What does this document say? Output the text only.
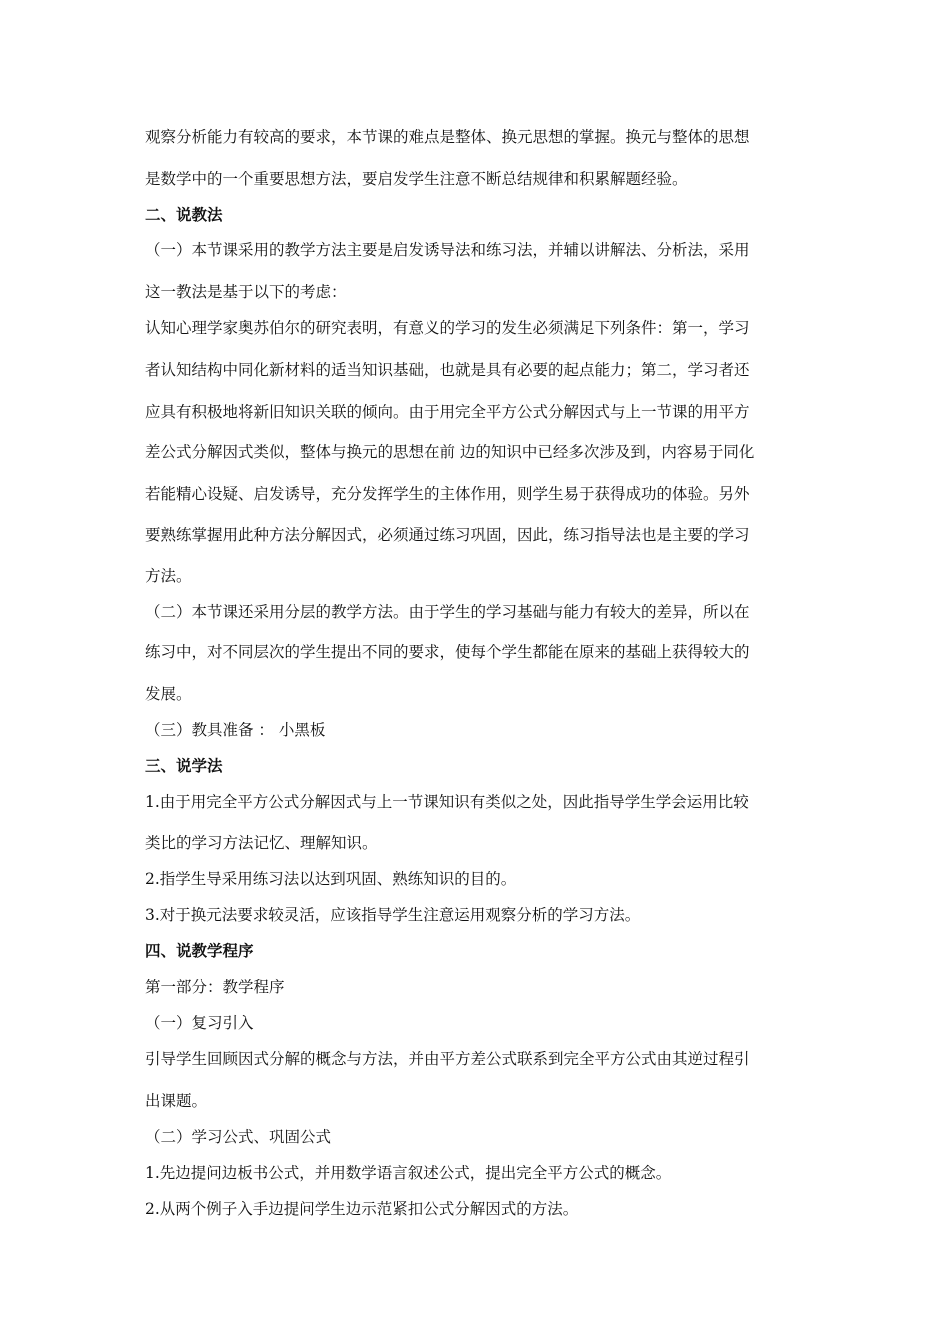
观察分析能力有较高的要求，本节课的难点是整体、换元思想的掌握。换元与整体的思想
是数学中的一个重要思想方法，要启发学生注意不断总结规律和积累解题经验。
二、说教法
（一）本节课采用的教学方法主要是启发诱导法和练习法，并辅以讲解法、分析法，采用
这一教法是基于以下的考虑：
认知心理学家奥苏伯尔的研究表明，有意义的学习的发生必须满足下列条件：第一，学习
者认知结构中同化新材料的适当知识基础，也就是具有必要的起点能力；第二，学习者还
应具有积极地将新旧知识关联的倾向。由于用完全平方公式分解因式与上一节课的用平方
差公式分解因式类似，整体与换元的思想在前 边的知识中已经多次涉及到，内容易于同化
若能精心设疑、启发诱导，充分发挥学生的主体作用，则学生易于获得成功的体验。另外
要熟练掌握用此种方法分解因式，必须通过练习巩固，因此，练习指导法也是主要的学习
方法。
（二）本节课还采用分层的教学方法。由于学生的学习基础与能力有较大的差异，所以在
练习中，对不同层次的学生提出不同的要求，使每个学生都能在原来的基础上获得较大的
发展。
（三）教具准备 ： 小黑板
三、说学法
1.由于用完全平方公式分解因式与上一节课知识有类似之处，因此指导学生学会运用比较
类比的学习方法记忆、理解知识。
2.指学生导采用练习法以达到巩固、熟练知识的目的。
3.对于换元法要求较灵活，应该指导学生注意运用观察分析的学习方法。
四、说教学程序
第一部分：教学程序
（一）复习引入
引导学生回顾因式分解的概念与方法，并由平方差公式联系到完全平方公式由其逆过程引
出课题。
（二）学习公式、巩固公式
1.先边提问边板书公式，并用数学语言叙述公式，提出完全平方公式的概念。
2.从两个例子入手边提问学生边示范紧扣公式分解因式的方法。
